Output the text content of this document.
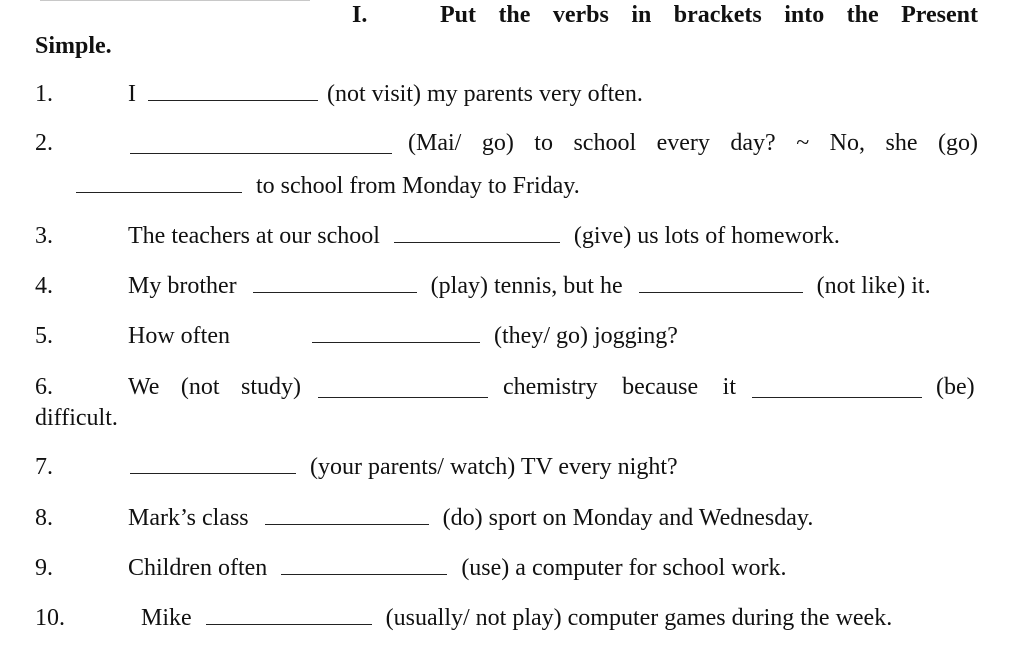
I.	Put the verbs in brackets into the Present
Simple.
1.	I	(not visit) my parents very often.
2.	(Mai/ go) to school every day? ~ No, she (go)
to school from Monday to Friday.
3.	The teachers at our school	(give) us lots of homework.
4.	My brother	(play) tennis, but he	(not like) it.
5.	How often	(they/ go) jogging?
6.	We (not study)	chemistry because it	(be)
difficult.
7.	(your parents/ watch) TV every night?
8.	Mark’s class	(do) sport on Monday and Wednesday.
9.	Children often	(use) a computer for school work.
10.	Mike	(usually/ not play) computer games during the week.
